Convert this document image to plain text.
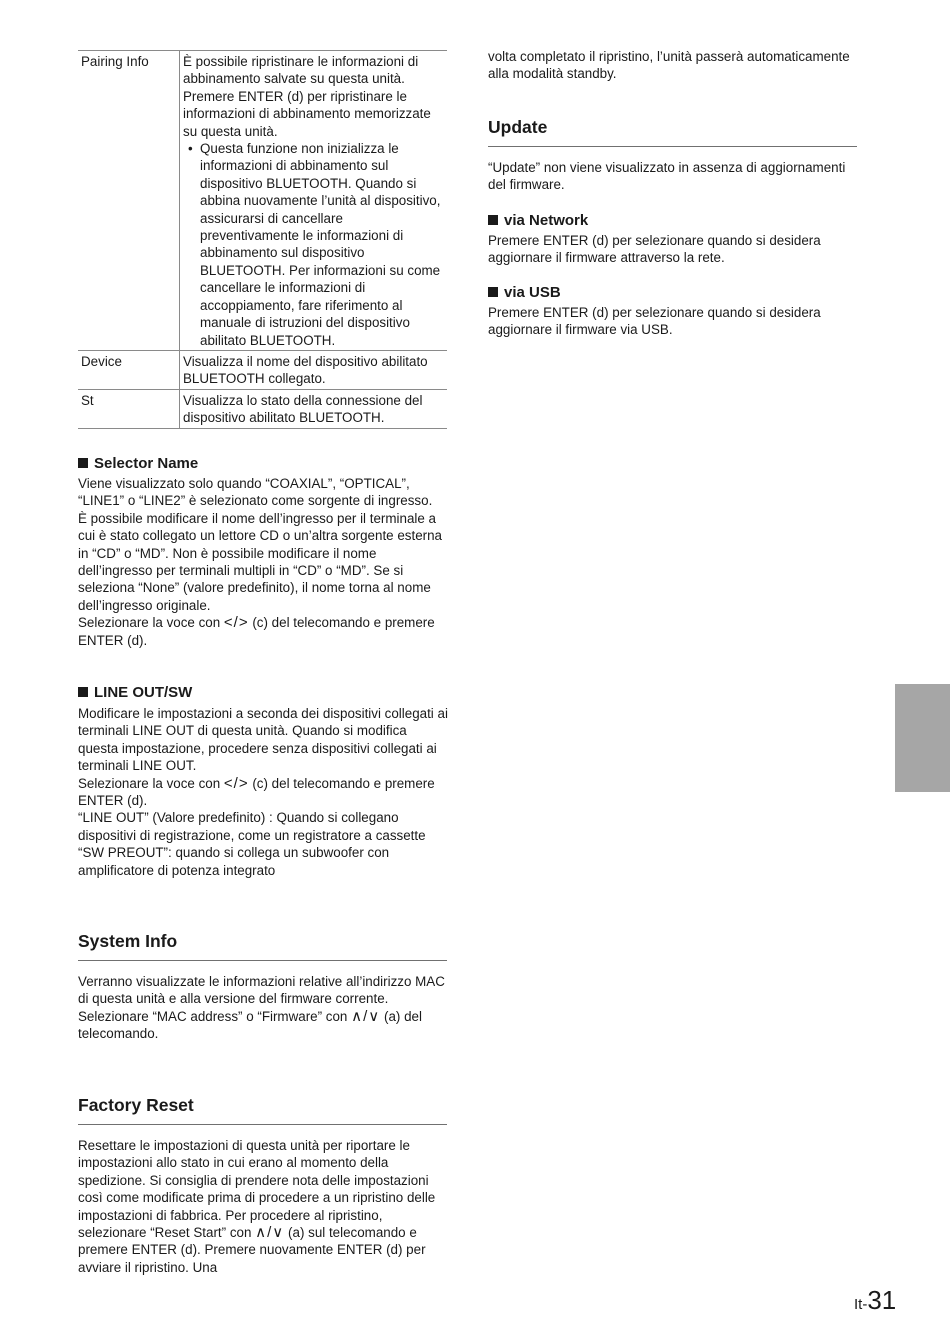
Pairing Info	È possibile ripristinare le informazioni di abbinamento salvate su questa unità. Premere ENTER (d) per ripristinare le informazioni di abbinamento memorizzate su questa unità.
• Questa funzione non inizializza le informazioni di abbinamento sul dispositivo BLUETOOTH. Quando si abbina nuovamente l’unità al dispositivo, assicurarsi di cancellare preventivamente le informazioni di abbinamento sul dispositivo BLUETOOTH. Per informazioni su come cancellare le informazioni di accoppiamento, fare riferimento al manuale di istruzioni del dispositivo abilitato BLUETOOTH.

Device	Visualizza il nome del dispositivo abilitato BLUETOOTH collegato.
St	Visualizza lo stato della connessione del dispositivo abilitato BLUETOOTH.
Selector Name

Viene visualizzato solo quando “COAXIAL”, “OPTICAL”, “LINE1” o “LINE2” è selezionato come sorgente di ingresso.

È possibile modificare il nome dell’ingresso per il terminale a cui è stato collegato un lettore CD o un’altra sorgente esterna in “CD” o “MD”. Non è possibile modificare il nome dell’ingresso per terminali multipli in “CD” o “MD”. Se si seleziona “None” (valore predefinito), il nome torna al nome dell’ingresso originale.

Selezionare la voce con </> (c) del telecomando e premere ENTER (d).

LINE OUT/SW

Modificare le impostazioni a seconda dei dispositivi collegati ai terminali LINE OUT di questa unità. Quando si modifica questa impostazione, procedere senza dispositivi collegati ai terminali LINE OUT.

Selezionare la voce con </> (c) del telecomando e premere ENTER (d).

“LINE OUT” (Valore predefinito) : Quando si collegano dispositivi di registrazione, come un registratore a cassette

“SW PREOUT”: quando si collega un subwoofer con amplificatore di potenza integrato

System Info

Verranno visualizzate le informazioni relative all’indirizzo MAC di questa unità e alla versione del firmware corrente.

Selezionare “MAC address” o “Firmware” con ∧/∨ (a) del telecomando.

Factory Reset

Resettare le impostazioni di questa unità per riportare le impostazioni allo stato in cui erano al momento della spedizione. Si consiglia di prendere nota delle impostazioni così come modificate prima di procedere a un ripristino delle impostazioni di fabbrica. Per procedere al ripristino, selezionare “Reset Start” con ∧/∨ (a) sul telecomando e premere ENTER (d). Premere nuovamente ENTER (d) per avviare il ripristino. Una

volta completato il ripristino, l’unità passerà automaticamente alla modalità standby.
Update
“Update” non viene visualizzato in assenza di aggiornamenti del firmware.
via Network
Premere ENTER (d) per selezionare quando si desidera aggiornare il firmware attraverso la rete.
via USB
Premere ENTER (d) per selezionare quando si desidera aggiornare il firmware via USB.
It-31
